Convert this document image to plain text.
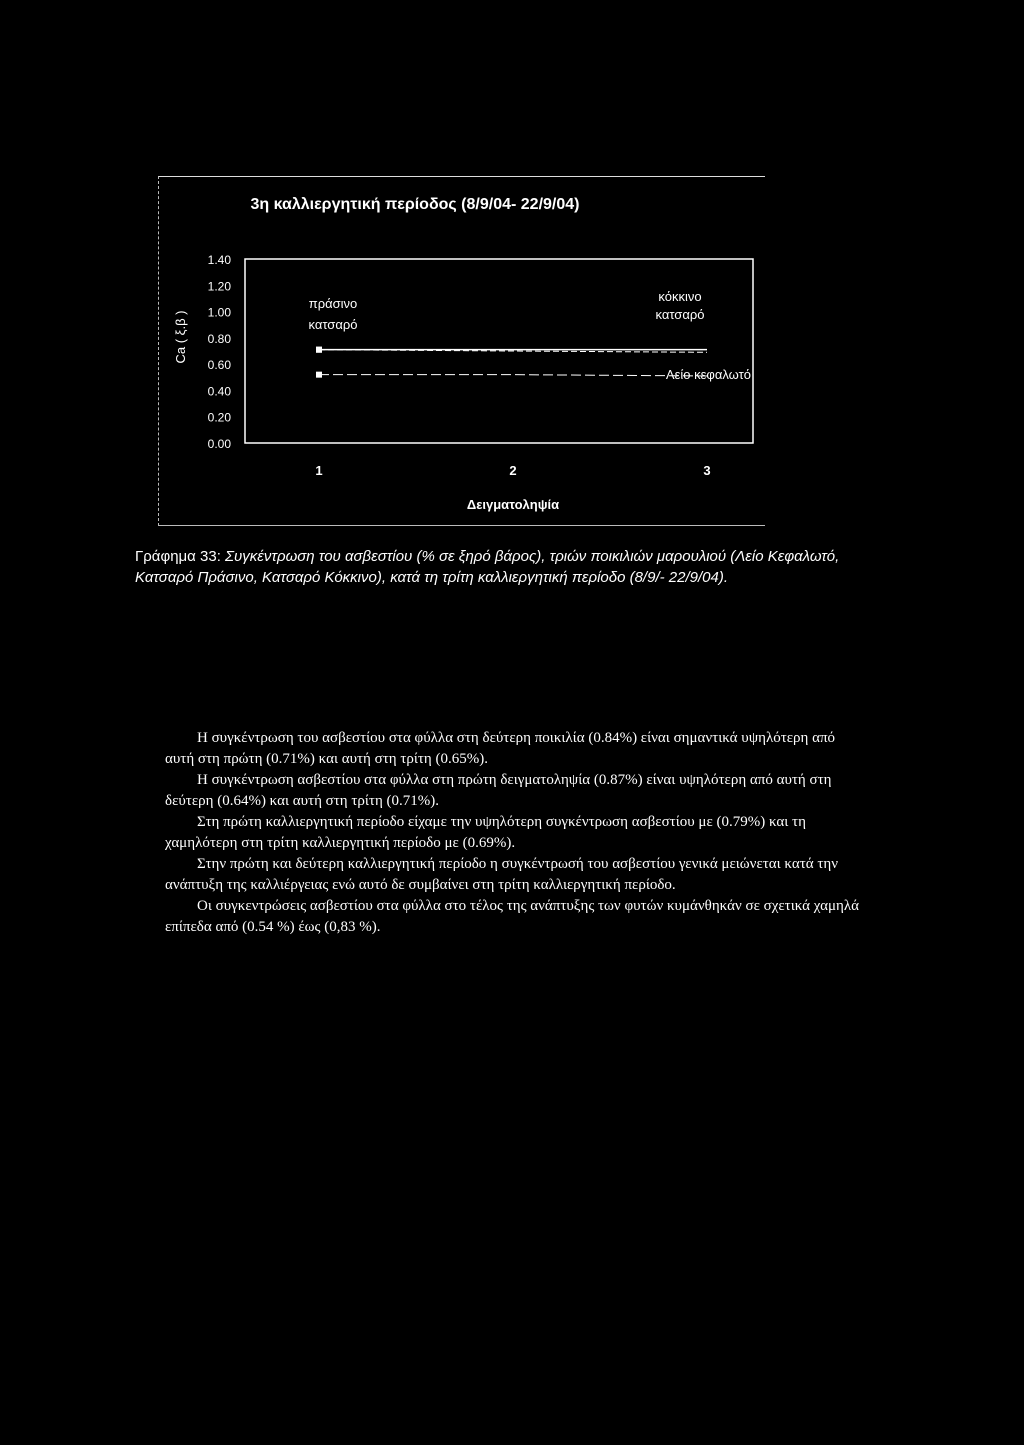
3η καλλιεργητική περίοδος (8/9/04- 22/9/04)
Ca ( ξ.β )
1.40
1.20
1.00
0.80
0.60
0.40
0.20
0.00
1	2	3
πράσινο
κατσαρό
κόκκινο
κατσαρό
Λείο κεφαλωτό
Δειγματοληψία
Γράφημα 33: Συγκέντρωση του ασβεστίου (% σε ξηρό βάρος), τριών ποικιλιών μαρουλιού (Λείο Κεφαλωτό, Κατσαρό Πράσινο, Κατσαρό Κόκκινο), κατά τη τρίτη καλλιεργητική περίοδο (8/9/- 22/9/04).

Η συγκέντρωση του ασβεστίου στα φύλλα στη δεύτερη ποικιλία (0.84%) είναι σημαντικά υψηλότερη από αυτή στη πρώτη (0.71%) και αυτή στη τρίτη (0.65%).

Η συγκέντρωση ασβεστίου στα φύλλα στη πρώτη δειγματοληψία (0.87%) είναι υψηλότερη από αυτή στη δεύτερη (0.64%) και αυτή στη τρίτη (0.71%).

Στη πρώτη καλλιεργητική περίοδο είχαμε την υψηλότερη συγκέντρωση ασβεστίου με (0.79%) και τη χαμηλότερη στη τρίτη καλλιεργητική περίοδο με (0.69%).

Στην πρώτη και δεύτερη καλλιεργητική περίοδο η συγκέντρωσή του ασβεστίου γενικά μειώνεται κατά την ανάπτυξη της καλλιέργειας ενώ αυτό δε συμβαίνει στη τρίτη καλλιεργητική περίοδο.

Οι συγκεντρώσεις ασβεστίου στα φύλλα στο τέλος της ανάπτυξης των φυτών κυμάνθηκάν σε σχετικά χαμηλά επίπεδα από (0.54 %) έως (0,83 %).
